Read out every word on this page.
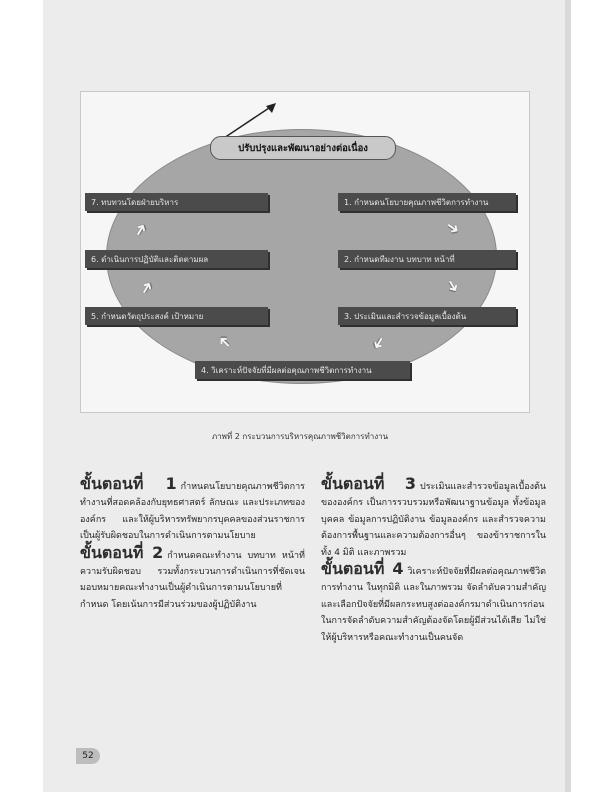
ปรับปรุงและพัฒนาอย่างต่อเนื่อง
7. ทบทวนโดยฝ่ายบริหาร
6. ดำเนินการปฏิบัติและติดตามผล
5. กำหนดวัตถุประสงค์ เป้าหมาย
1. กำหนดนโยบายคุณภาพชีวิตการทำงาน
2. กำหนดทีมงาน บทบาท หน้าที่
3. ประเมินและสำรวจข้อมูลเบื้องต้น
4. วิเคราะห์ปัจจัยที่มีผลต่อคุณภาพชีวิตการทำงาน
➜
➜
➜
➜
➜
➜
ภาพที่ 2 กระบวนการบริหารคุณภาพชีวิตการทำงาน

ขั้นตอนที่ 1 กำหนดนโยบายคุณภาพชีวิตการทำงานที่สอดคล้องกับยุทธศาสตร์ ลักษณะ และประเภทของ องค์กร และให้ผู้บริหารทรัพยากรบุคคลของส่วนราชการเป็นผู้รับผิดชอบในการดำเนินการตามนโยบาย

ขั้นตอนที่ 2 กำหนดคณะทำงาน บทบาท หน้าที่ ความรับผิดชอบ รวมทั้งกระบวนการดำเนินการที่ชัดเจน มอบหมายคณะทำงานเป็นผู้ดำเนินการตามนโยบายที่กำหนด โดยเน้นการมีส่วนร่วมของผู้ปฏิบัติงาน

ขั้นตอนที่ 3 ประเมินและสำรวจข้อมูลเบื้องต้นขององค์กร เป็นการรวบรวมหรือพัฒนาฐานข้อมูล ทั้งข้อมูลบุคคล ข้อมูลการปฏิบัติงาน ข้อมูลองค์กร และสำรวจความต้องการพื้นฐานและความต้องการอื่นๆ ของข้าราชการในทั้ง 4 มิติ และภาพรวม

ขั้นตอนที่ 4 วิเคราะห์ปัจจัยที่มีผลต่อคุณภาพชีวิตการทำงาน ในทุกมิติ และในภาพรวม จัดลำดับความสำคัญและเลือกปัจจัยที่มีผลกระทบสูงต่อองค์กรมาดำเนินการก่อน ในการจัดลำดับความสำคัญต้องจัดโดยผู้มีส่วนได้เสีย ไม่ใช่ให้ผู้บริหารหรือคณะทำงานเป็นคนจัด

52
